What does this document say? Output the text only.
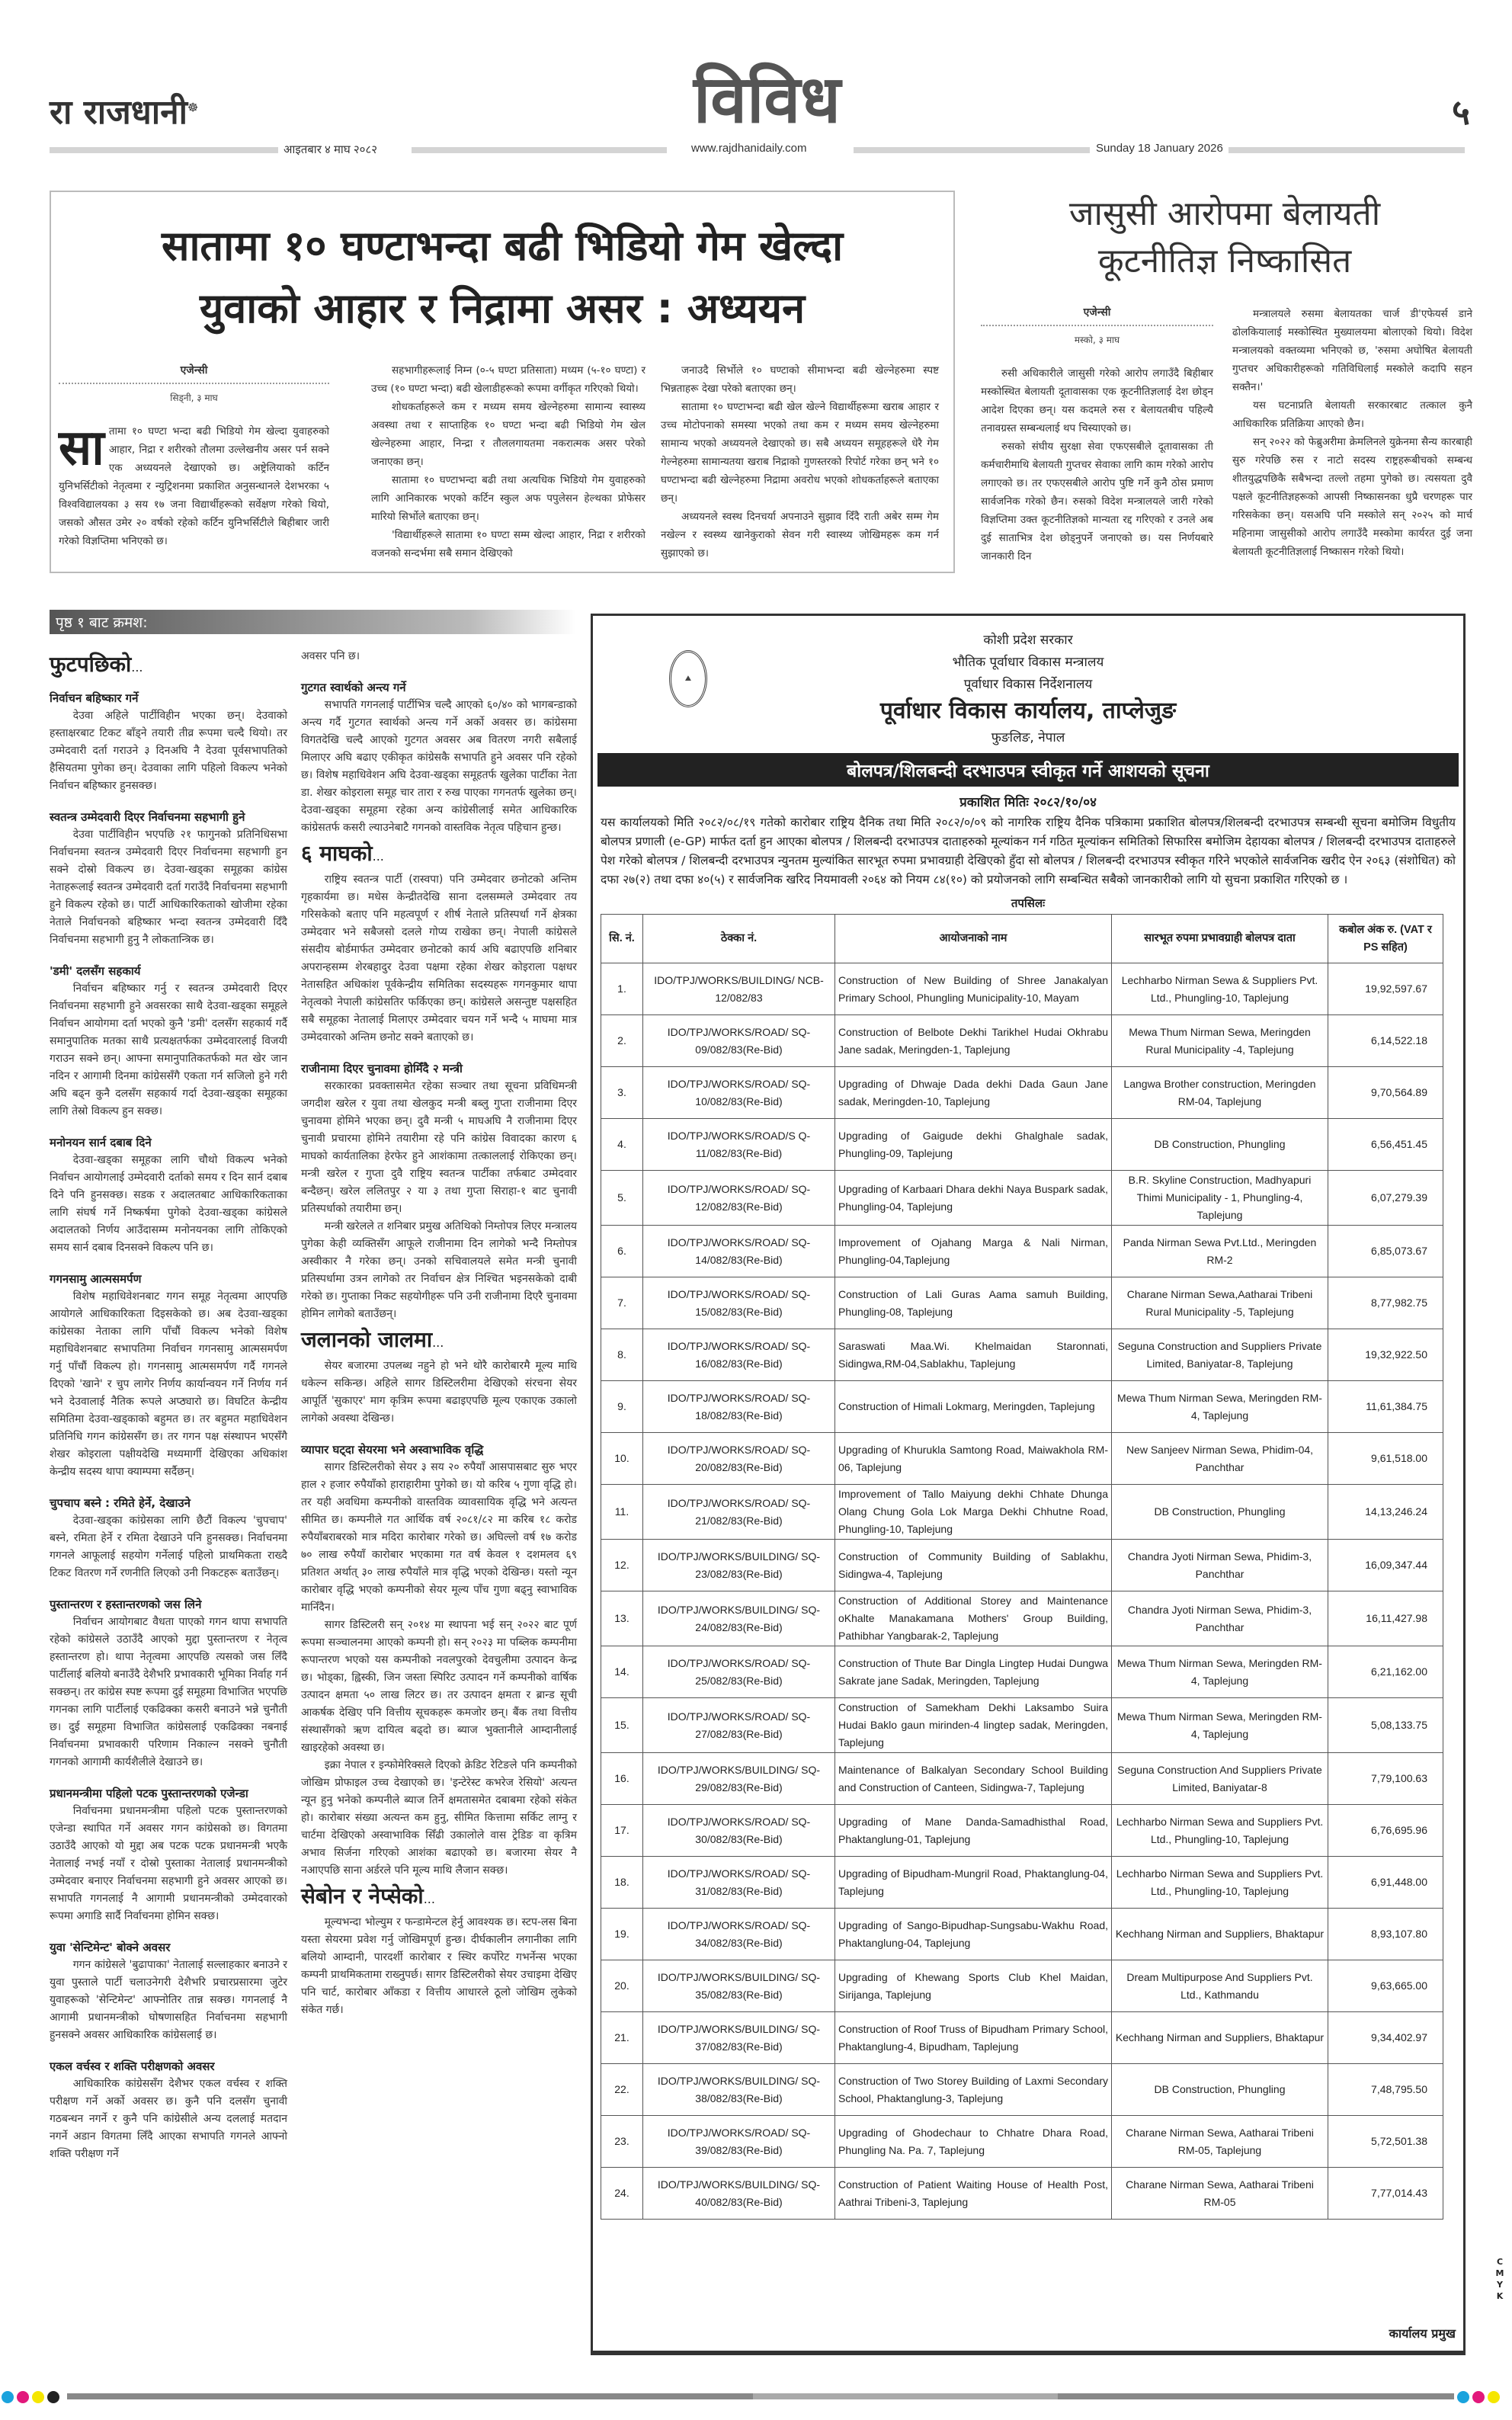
रा राजधानी☸	विविध	५
आइतबार ४ माघ २०८२	www.rajdhanidaily.com	Sunday 18 January 2026
सातामा १० घण्टाभन्दा बढी भिडियो गेम खेल्दा
युवाको आहार र निद्रामा असर : अध्ययन
एजेन्सी
सिड्नी, ३ माघ
सातामा १० घण्टा भन्दा बढी भिडियो गेम खेल्दा युवाहरुको आहार, निद्रा र शरीरको तौलमा उल्लेखनीय असर पर्न सक्ने एक अध्ययनले देखाएको छ। अष्ट्रेलियाको कर्टिन युनिभर्सिटीको नेतृत्वमा र न्युट्रिशनमा प्रकाशित अनुसन्धानले देशभरका ५ विश्वविद्यालयका ३ सय १७ जना विद्यार्थीहरूको सर्वेक्षण गरेको थियो, जसको औसत उमेर २० वर्षको रहेको कर्टिन युनिभर्सिटीले बिहीबार जारी गरेको विज्ञप्तिमा भनिएको छ।

सहभागीहरूलाई निम्न (०-५ घण्टा प्रतिसाता) मध्यम (५-१० घण्टा) र उच्च (१० घण्टा भन्दा) बढी खेलाडीहरूको रूपमा वर्गीकृत गरिएको थियो।

शोधकर्ताहरूले कम र मध्यम समय खेल्नेहरुमा सामान्य स्वास्थ्य अवस्था तथा र साप्ताहिक १० घण्टा भन्दा बढी भिडियो गेम खेल खेल्नेहरुमा आहार, निन्द्रा र तौललगायतमा नकरात्मक असर परेको जनाएका छन्।

सातामा १० घण्टाभन्दा बढी तथा अत्यधिक भिडियो गेम युवाहरुको लागि आनिकारक भएको कर्टिन स्कुल अफ पपुलेसन हेल्थका प्रोफेसर मारियो सिर्भोले बताएका छन्।

'विद्यार्थीहरूले सातामा १० घण्टा सम्म खेल्दा आहार, निद्रा र शरीरको वजनको सन्दर्भमा सबै समान देखिएको

जनाउदै सिर्भोले १० घण्टाको सीमाभन्दा बढी खेल्नेहरुमा स्पष्ट भिन्नताहरू देखा परेको बताएका छन्।

सातामा १० घण्टाभन्दा बढी खेल खेल्ने विद्यार्थीहरूमा खराब आहार र उच्च मोटोपनाको समस्या भएको तथा कम र मध्यम समय खेल्नेहरुमा सामान्य भएको अध्ययनले देखाएको छ। सबै अध्ययन समूहहरूले धेरै गेम गेल्नेहरुमा सामान्यतया खराब निद्राको गुणस्तरको रिपोर्ट गरेका छन् भने १० घण्टाभन्दा बढी खेल्नेहरुमा निद्रामा अवरोध भएको शोधकर्ताहरूले बताएका छन्।

अध्ययनले स्वस्थ दिनचर्या अपनाउने सुझाव दिँदै राती अबेर सम्म गेम नखेल्न र स्वस्थ्य खानेकुराको सेवन गरी स्वास्थ्य जोखिमहरू कम गर्न सुझाएको छ।

जासुसी आरोपमा बेलायती
कूटनीतिज्ञ निष्कासित
एजेन्सी
मस्को, ३ माघ

रुसी अधिकारीले जासुसी गरेको आरोप लगाउँदै बिहीबार मस्कोस्थित बेलायती दूतावासका एक कूटनीतिज्ञलाई देश छोड्न आदेश दिएका छन्। यस कदमले रुस र बेलायतबीच पहिल्यै तनावग्रस्त सम्बन्धलाई थप चिस्याएको छ।

रुसको संघीय सुरक्षा सेवा एफएसबीले दूतावासका ती कर्मचारीमाथि बेलायती गुप्तचर सेवाका लागि काम गरेको आरोप लगाएको छ। तर एफएसबीले आरोप पुष्टि गर्ने कुनै ठोस प्रमाण सार्वजनिक गरेको छैन। रुसको विदेश मन्त्रालयले जारी गरेको विज्ञप्तिमा उक्त कूटनीतिज्ञको मान्यता रद्द गरिएको र उनले अब दुई साताभित्र देश छोड्नुपर्ने जनाएको छ। यस निर्णयबारे जानकारी दिन

मन्त्रालयले रुसमा बेलायतका चार्ज डी'एफेयर्स डाने ढोलकियालाई मस्कोस्थित मुख्यालयमा बोलाएको थियो। विदेश मन्त्रालयको वक्तव्यमा भनिएको छ, 'रुसमा अघोषित बेलायती गुप्तचर अधिकारीहरूको गतिविधिलाई मस्कोले कदापि सहन सक्तैन।'

यस घटनाप्रति बेलायती सरकारबाट तत्काल कुनै आधिकारिक प्रतिक्रिया आएको छैन।

सन् २०२२ को फेब्रुअरीमा क्रेमलिनले युक्रेनमा सैन्य कारबाही सुरु गरेपछि रुस र नाटो सदस्य राष्ट्रहरूबीचको सम्बन्ध शीतयुद्धपछिकै सबैभन्दा तल्लो तहमा पुगेको छ। त्यसयता दुवै पक्षले कूटनीतिज्ञहरूको आपसी निष्कासनका धुप्रै चरणहरू पार गरिसकेका छन्। यसअघि पनि मस्कोले सन् २०२५ को मार्च महिनामा जासुसीको आरोप लगाउँदै मस्कोमा कार्यरत दुई जना बेलायती कूटनीतिज्ञलाई निष्कासन गरेको थियो।

पृष्ठ १ बाट क्रमश:
फुटपछिको...
निर्वाचन बहिष्कार गर्ने

देउवा अहिले पार्टीविहीन भएका छन्। देउवाको हस्ताक्षरबाट टिकट बाँड्ने तयारी तीव्र रूपमा चल्दै थियो। तर उम्मेदवारी दर्ता गराउने ३ दिनअघि नै देउवा पूर्वसभापतिको हैसियतमा पुगेका छन्। देउवाका लागि पहिलो विकल्प भनेको निर्वाचन बहिष्कार हुनसक्छ।

स्वतन्त्र उम्मेदवारी दिएर निर्वाचनमा सहभागी हुने

देउवा पार्टीविहीन भएपछि २१ फागुनको प्रतिनिधिसभा निर्वाचनमा स्वतन्त्र उम्मेदवारी दिएर निर्वाचनमा सहभागी हुन सक्ने दोस्रो विकल्प छ। देउवा-खड्का समूहका कांग्रेस नेताहरूलाई स्वतन्त्र उम्मेदवारी दर्ता गराउँदै निर्वाचनमा सहभागी हुने विकल्प रहेको छ। पार्टी आधिकारिकताको खोजीमा रहेका नेताले निर्वाचनको बहिष्कार भन्दा स्वतन्त्र उम्मेदवारी दिँदै निर्वाचनमा सहभागी हुनु नै लोकतान्त्रिक छ।

'डमी' दलसँग सहकार्य

निर्वाचन बहिष्कार गर्नु र स्वतन्त्र उम्मेदवारी दिएर निर्वाचनमा सहभागी हुने अवसरका साथै देउवा-खड्का समूहले निर्वाचन आयोगमा दर्ता भएको कुनै 'डमी' दलसँग सहकार्य गर्दै समानुपातिक मतका साथै प्रत्यक्षतर्फका उम्मेदवारलाई विजयी गराउन सक्ने छन्। आफ्ना समानुपातिकतर्फको मत खेर जान नदिन र आगामी दिनमा कांग्रेससँगै एकता गर्न सजिलो हुने गरी अघि बढ्न कुनै दलसँग सहकार्य गर्दा देउवा-खड्का समूहका लागि तेस्रो विकल्प हुन सक्छ।

मनोनयन सार्न दबाब दिने

देउवा-खड्का समूहका लागि चौथो विकल्प भनेको निर्वाचन आयोगलाई उम्मेदवारी दर्ताको समय र दिन सार्न दबाब दिने पनि हुनसक्छ। सडक र अदालतबाट आधिकारिकताका लागि संघर्ष गर्ने निष्कर्षमा पुगेको देउवा-खड्का कांग्रेसले अदालतको निर्णय आउँदासम्म मनोनयनका लागि तोकिएको समय सार्न दबाब दिनसक्ने विकल्प पनि छ।

गगनसामु आत्मसमर्पण

विशेष महाधिवेशनबाट गगन समूह नेतृत्वमा आएपछि आयोगले आधिकारिकता दिइसकेको छ। अब देउवा-खड्का कांग्रेसका नेताका लागि पाँचौं विकल्प भनेको विशेष महाधिवेशनबाट सभापतिमा निर्वाचन गगनसामु आत्मसमर्पण गर्नु पाँचौं विकल्प हो। गगनसामु आत्मसमर्पण गर्दै गगनले दिएको 'खाने' र चुप लागेर निर्णय कार्यान्वयन गर्ने निर्णय गर्न भने देउवालाई नैतिक रूपले अप्ठ्यारो छ। विघटित केन्द्रीय समितिमा देउवा-खड्काको बहुमत छ। तर बहुमत महाधिवेशन प्रतिनिधि गगन कांग्रेससँग छ। तर गगन पक्ष संस्थापन भएसँगै शेखर कोइराला पक्षीयदेखि मध्यमार्गी देखिएका अधिकांश केन्द्रीय सदस्य थापा क्याम्पमा सर्दैछन्।

चुपचाप बस्ने : रमिते हेर्ने, देखाउने

देउवा-खड्का कांग्रेसका लागि छैटौं विकल्प 'चुपचाप' बस्ने, रमिता हेर्ने र रमिता देखाउने पनि हुनसक्छ। निर्वाचनमा गगनले आफूलाई सहयोग गर्नेलाई पहिलो प्राथमिकता राख्दै टिकट वितरण गर्ने रणनीति लिएको उनी निकटहरू बताउँछन्।

पुस्तान्तरण र हस्तान्तरणको जस लिने

निर्वाचन आयोगबाट वैधता पाएको गगन थापा सभापति रहेको कांग्रेसले उठाउँदै आएको मुद्दा पुस्तान्तरण र नेतृत्व हस्तान्तरण हो। थापा नेतृत्वमा आएपछि त्यसको जस लिँदै पार्टीलाई बलियो बनाउँदै देशैभरि प्रभावकारी भूमिका निर्वाह गर्न सक्छन्। तर कांग्रेस स्पष्ट रूपमा दुई समूहमा विभाजित भएपछि गगनका लागि पार्टीलाई एकढिक्का कसरी बनाउने भन्ने चुनौती छ। दुई समूहमा विभाजित कांग्रेसलाई एकढिक्का नबनाई निर्वाचनमा प्रभावकारी परिणाम निकाल्न नसक्ने चुनौती गगनको आगामी कार्यशैलीले देखाउने छ।

प्रधानमन्त्रीमा पहिलो पटक पुस्तान्तरणको एजेन्डा

निर्वाचनमा प्रधानमन्त्रीमा पहिलो पटक पुस्तान्तरणको एजेन्डा स्थापित गर्ने अवसर गगन कांग्रेसको छ। विगतमा उठाउँदै आएको यो मुद्दा अब पटक पटक प्रधानमन्त्री भएकै नेतालाई नभई नयाँ र दोस्रो पुस्ताका नेतालाई प्रधानमन्त्रीको उम्मेदवार बनाएर निर्वाचनमा सहभागी हुने अवसर आएको छ। सभापति गगनलाई नै आगामी प्रधानमन्त्रीको उम्मेदवारको रूपमा अगाडि सार्दै निर्वाचनमा होमिन सक्छ।

युवा 'सेन्टिमेन्ट' बोक्ने अवसर

गगन कांग्रेसले 'बुढापाका' नेतालाई सल्लाहकार बनाउने र युवा पुस्ताले पार्टी चलाउनेगरी देशैभरि प्रचारप्रसारमा जुटेर युवाहरूको 'सेन्टिमेन्ट' आफ्नोतिर तान्न सक्छ। गगनलाई नै आगामी प्रधानमन्त्रीको घोषणासहित निर्वाचनमा सहभागी हुनसक्ने अवसर आधिकारिक कांग्रेसलाई छ।

एकल वर्चस्व र शक्ति परीक्षणको अवसर

आधिकारिक कांग्रेससँग देशैभर एकल वर्चस्व र शक्ति परीक्षण गर्ने अर्को अवसर छ। कुनै पनि दलसँग चुनावी गठबन्धन नगर्ने र कुनै पनि कांग्रेसीले अन्य दललाई मतदान नगर्ने अडान विगतमा लिँदै आएका सभापति गगनले आफ्नो शक्ति परीक्षण गर्ने

अवसर पनि छ।

गुटगत स्वार्थको अन्त्य गर्ने

सभापति गगनलाई पार्टीभित्र चल्दै आएको ६०/४० को भागबन्डाको अन्त्य गर्दै गुटगत स्वार्थको अन्त्य गर्ने अर्को अवसर छ। कांग्रेसमा विगतदेखि चल्दै आएको गुटगत अवसर अब वितरण नगरी सबैलाई मिलाएर अघि बढाए एकीकृत कांग्रेसकै सभापति हुने अवसर पनि रहेको छ। विशेष महाधिवेशन अघि देउवा-खड्का समूहतर्फ खुलेका पार्टीका नेता डा. शेखर कोइराला समूह चार तारा र रुख पाएका गगनतर्फ खुलेका छन्। देउवा-खड्का समूहमा रहेका अन्य कांग्रेसीलाई समेत आधिकारिक कांग्रेसतर्फ कसरी ल्याउनेबाटै गगनको वास्तविक नेतृत्व पहिचान हुन्छ।

६ माघको...

राष्ट्रिय स्वतन्त्र पार्टी (रास्वपा) पनि उम्मेदवार छनोटको अन्तिम गृहकार्यमा छ। मधेस केन्द्रीतदेखि साना दलसम्मले उम्मेदवार तय गरिसकेको बताए पनि महत्वपूर्ण र शीर्ष नेताले प्रतिस्पर्धा गर्ने क्षेत्रका उम्मेदवार भने सबैजसो दलले गोप्य राखेका छन्। नेपाली कांग्रेसले संसदीय बोर्डमार्फत उम्मेदवार छनोटको कार्य अघि बढाएपछि शनिबार अपरान्हसम्म शेरबहादुर देउवा पक्षमा रहेका शेखर कोइराला पक्षधर नेतासहित अधिकांश पूर्वकेन्द्रीय समितिका सदस्यहरू गगनकुमार थापा नेतृत्वको नेपाली कांग्रेसतिर फर्किएका छन्। कांग्रेसले असन्तुष्ट पक्षसहित सबै समूहका नेतालाई मिलाएर उम्मेदवार चयन गर्ने भन्दै ५ माघमा मात्र उम्मेदवारको अन्तिम छनोट सक्ने बताएको छ।

राजीनामा दिएर चुनावमा होमिँदै २ मन्त्री

सरकारका प्रवक्तासमेत रहेका सञ्चार तथा सूचना प्रविधिमन्त्री जगदीश खरेल र युवा तथा खेलकुद मन्त्री बब्लु गुप्ता राजीनामा दिएर चुनावमा होमिने भएका छन्। दुवै मन्त्री ५ माघअघि नै राजीनामा दिएर चुनावी प्रचारमा होमिने तयारीमा रहे पनि कांग्रेस विवादका कारण ६ माघको कार्यतालिका हेरफेर हुने आशंकामा तत्काललाई रोकिएका छन्। मन्त्री खरेल र गुप्ता दुवै राष्ट्रिय स्वतन्त्र पार्टीका तर्फबाट उम्मेदवार बन्दैछन्। खरेल ललितपुर २ या ३ तथा गुप्ता सिराहा-१ बाट चुनावी प्रतिस्पर्धाको तयारीमा छन्।

मन्त्री खरेलले त शनिबार प्रमुख अतिथिको निम्तोपत्र लिएर मन्त्रालय पुगेका केही व्यक्तिसँग आफूले राजीनामा दिन लागेको भन्दै निम्तोपत्र अस्वीकार नै गरेका छन्। उनको सचिवालयले समेत मन्त्री चुनावी प्रतिस्पर्धामा उत्रन लागेको तर निर्वाचन क्षेत्र निश्चित भइनसकेको दाबी गरेको छ। गुप्ताका निकट सहयोगीहरू पनि उनी राजीनामा दिएरै चुनावमा होमिन लागेको बताउँछन्।

जलानको जालमा...

सेयर बजारमा उपलब्ध नहुने हो भने थोरै कारोबारमै मूल्य माथि धकेल्न सकिन्छ। अहिले सागर डिस्टिलरीमा देखिएको संरचना सेयर आपूर्ति 'सुकाएर' माग कृत्रिम रूपमा बढाइएपछि मूल्य एकाएक उकालो लागेको अवस्था देखिन्छ।

व्यापार घट्दा सेयरमा भने अस्वाभाविक वृद्धि

सागर डिस्टिलरीको सेयर ३ सय २० रुपैयाँ आसपासबाट सुरु भएर हाल २ हजार रुपैयाँको हाराहारीमा पुगेको छ। यो करिब ५ गुणा वृद्धि हो। तर यही अवधिमा कम्पनीको वास्तविक व्यावसायिक वृद्धि भने अत्यन्त सीमित छ। कम्पनीले गत आर्थिक वर्ष २०८१/८२ मा करिब १८ करोड रुपैयाँबराबरको मात्र मदिरा कारोबार गरेको छ। अघिल्लो वर्ष १७ करोड ७० लाख रुपैयाँ कारोबार भएकामा गत वर्ष केवल १ दशमलव ६९ प्रतिशत अर्थात् ३० लाख रुपैयाँले मात्र वृद्धि भएको देखिन्छ। यस्तो न्यून कारोबार वृद्धि भएको कम्पनीको सेयर मूल्य पाँच गुणा बढ्नु स्वाभाविक मानिँदैन।

सागर डिस्टिलरी सन् २०१४ मा स्थापना भई सन् २०२२ बाट पूर्ण रूपमा सञ्चालनमा आएको कम्पनी हो। सन् २०२३ मा पब्लिक कम्पनीमा रूपान्तरण भएको यस कम्पनीको नवलपुरको देवचुलीमा उत्पादन केन्द्र छ। भोड्का, ह्विस्की, जिन जस्ता स्पिरिट उत्पादन गर्ने कम्पनीको वार्षिक उत्पादन क्षमता ५० लाख लिटर छ। तर उत्पादन क्षमता र ब्रान्ड सूची आकर्षक देखिए पनि वित्तीय सूचकहरू कमजोर छन्। बैंक तथा वित्तीय संस्थासँगको ऋण दायित्व बढ्दो छ। ब्याज भुक्तानीले आम्दानीलाई खाइरहेको अवस्था छ।

इक्रा नेपाल र इन्फोमेरिक्सले दिएको क्रेडिट रेटिङले पनि कम्पनीको जोखिम प्रोफाइल उच्च देखाएको छ। 'इन्टेरेस्ट कभरेज रेसियो' अत्यन्त न्यून हुनु भनेको कम्पनीले ब्याज तिर्ने क्षमतासमेत दबाबमा रहेको संकेत हो। कारोबार संख्या अत्यन्त कम हुनु, सीमित कित्तामा सर्किट लाग्नु र चार्टमा देखिएको अस्वाभाविक सिँढी उकालोले वास ट्रेडिङ वा कृत्रिम अभाव सिर्जना गरिएको आशंका बढाएको छ। बजारमा सेयर नै नआएपछि साना अर्डरले पनि मूल्य माथि लैजान सक्छ।

सेबोन र नेप्सेको...

मूल्यभन्दा भोल्युम र फन्डामेन्टल हेर्नु आवश्यक छ। स्टप-लस बिना यस्ता सेयरमा प्रवेश गर्नु जोखिमपूर्ण हुन्छ। दीर्घकालीन लगानीका लागि बलियो आम्दानी, पारदर्शी कारोबार र स्थिर कर्पोरेट गभर्नेन्स भएका कम्पनी प्राथमिकतामा राख्नुपर्छ। सागर डिस्टिलरीको सेयर उचाइमा देखिए पनि चार्ट, कारोबार आँकडा र वित्तीय आधारले ठूलो जोखिम लुकेको संकेत गर्छ।

⛰
कोशी प्रदेश सरकार
भौतिक पूर्वाधार विकास मन्त्रालय
पूर्वाधार विकास निर्देशनालय
पूर्वाधार विकास कार्यालय, ताप्लेजुङ
फुङलिङ, नेपाल
बोलपत्र/शिलबन्दी दरभाउपत्र स्वीकृत गर्ने आशयको सूचना
प्रकाशित मितिः २०८२/१०/०४
यस कार्यालयको मिति २०८२/०८/१९ गतेको कारोबार राष्ट्रिय दैनिक तथा मिति २०८२/०/०९ को नागरिक राष्ट्रिय दैनिक पत्रिकामा प्रकाशित बोलपत्र/शिलबन्दी दरभाउपत्र सम्बन्धी सूचना बमोजिम विधुतीय बोलपत्र प्रणाली (e-GP) मार्फत दर्ता हुन आएका बोलपत्र / शिलबन्दी दरभाउपत्र दाताहरुको मूल्यांकन गर्न गठित मूल्यांकन समितिको सिफारिस बमोजिम देहायका बोलपत्र / शिलबन्दी दरभाउपत्र दाताहरुले पेश गरेको बोलपत्र / शिलबन्दी दरभाउपत्र न्युनतम मुल्यांकित सारभूत रुपमा प्रभावग्राही देखिएको हुँदा सो बोलपत्र / शिलबन्दी दरभाउपत्र स्वीकृत गरिने भएकोले सार्वजनिक खरीद ऐन २०६३ (संशोधित) को दफा २७(२) तथा दफा ४०(५) र सार्वजनिक खरिद नियमावली २०६४ को नियम ८४(१०) को प्रयोजनको लागि सम्बन्धित सबैको जानकारीको लागि यो सुचना प्रकाशित गरिएको छ ।
तपसिलः
सि. नं.	ठेक्का नं.	आयोजनाको नाम	सारभूत रुपमा प्रभावग्राही बोलपत्र दाता	कबोल अंक रु. (VAT र PS सहित)
1.	IDO/TPJ/WORKS/BUILDING/ NCB-12/082/83	Construction of New Building of Shree Janakalyan Primary School, Phungling Municipality-10, Mayam	Lechharbo Nirman Sewa & Suppliers Pvt. Ltd., Phungling-10, Taplejung	19,92,597.67
2.	IDO/TPJ/WORKS/ROAD/ SQ-09/082/83(Re-Bid)	Construction of Belbote Dekhi Tarikhel Hudai Okhrabu Jane sadak, Meringden-1, Taplejung	Mewa Thum Nirman Sewa, Meringden Rural Municipality -4, Taplejung	6,14,522.18
3.	IDO/TPJ/WORKS/ROAD/ SQ-10/082/83(Re-Bid)	Upgrading of Dhwaje Dada dekhi Dada Gaun Jane sadak, Meringden-10, Taplejung	Langwa Brother construction, Meringden RM-04, Taplejung	9,70,564.89
4.	IDO/TPJ/WORKS/ROAD/S Q-11/082/83(Re-Bid)	Upgrading of Gaigude dekhi Ghalghale sadak, Phungling-09, Taplejung	DB Construction, Phungling	6,56,451.45
5.	IDO/TPJ/WORKS/ROAD/ SQ-12/082/83(Re-Bid)	Upgrading of Karbaari Dhara dekhi Naya Buspark sadak, Phungling-04, Taplejung	B.R. Skyline Construction, Madhyapuri Thimi Municipality - 1, Phungling-4, Taplejung	6,07,279.39
6.	IDO/TPJ/WORKS/ROAD/ SQ-14/082/83(Re-Bid)	Improvement of Ojahang Marga & Nali Nirman, Phungling-04,Taplejung	Panda Nirman Sewa Pvt.Ltd., Meringden RM-2	6,85,073.67
7.	IDO/TPJ/WORKS/ROAD/ SQ-15/082/83(Re-Bid)	Construction of Lali Guras Aama samuh Building, Phungling-08, Taplejung	Charane Nirman Sewa,Aatharai Tribeni Rural Municipality -5, Taplejung	8,77,982.75
8.	IDO/TPJ/WORKS/ROAD/ SQ-16/082/83(Re-Bid)	Saraswati Maa.Wi. Khelmaidan Staronnati, Sidingwa,RM-04,Sablakhu, Taplejung	Seguna Construction and Suppliers Private Limited, Baniyatar-8, Taplejung	19,32,922.50
9.	IDO/TPJ/WORKS/ROAD/ SQ-18/082/83(Re-Bid)	Construction of Himali Lokmarg, Meringden, Taplejung	Mewa Thum Nirman Sewa, Meringden RM-4, Taplejung	11,61,384.75
10.	IDO/TPJ/WORKS/ROAD/ SQ-20/082/83(Re-Bid)	Upgrading of Khurukla Samtong Road, Maiwakhola RM-06, Taplejung	New Sanjeev Nirman Sewa, Phidim-04, Panchthar	9,61,518.00
11.	IDO/TPJ/WORKS/ROAD/ SQ-21/082/83(Re-Bid)	Improvement of Tallo Maiyung dekhi Chhate Dhunga Olang Chung Gola Lok Marga Dekhi Chhutne Road, Phungling-10, Taplejung	DB Construction, Phungling	14,13,246.24
12.	IDO/TPJ/WORKS/BUILDING/ SQ-23/082/83(Re-Bid)	Construction of Community Building of Sablakhu, Sidingwa-4, Taplejung	Chandra Jyoti Nirman Sewa, Phidim-3, Panchthar	16,09,347.44
13.	IDO/TPJ/WORKS/BUILDING/ SQ-24/082/83(Re-Bid)	Construction of Additional Storey and Maintenance oKhalte Manakamana Mothers' Group Building, Pathibhar Yangbarak-2, Taplejung	Chandra Jyoti Nirman Sewa, Phidim-3, Panchthar	16,11,427.98
14.	IDO/TPJ/WORKS/ROAD/ SQ-25/082/83(Re-Bid)	Construction of Thute Bar Dingla Lingtep Hudai Dungwa Sakrate jane Sadak, Meringden, Taplejung	Mewa Thum Nirman Sewa, Meringden RM-4, Taplejung	6,21,162.00
15.	IDO/TPJ/WORKS/ROAD/ SQ-27/082/83(Re-Bid)	Construction of Samekham Dekhi Laksambo Suira Hudai Baklo gaun mirinden-4 lingtep sadak, Meringden, Taplejung	Mewa Thum Nirman Sewa, Meringden RM-4, Taplejung	5,08,133.75
16.	IDO/TPJ/WORKS/BUILDING/ SQ-29/082/83(Re-Bid)	Maintenance of Balkalyan Secondary School Building and Construction of Canteen, Sidingwa-7, Taplejung	Seguna Construction And Suppliers Private Limited, Baniyatar-8	7,79,100.63
17.	IDO/TPJ/WORKS/ROAD/ SQ-30/082/83(Re-Bid)	Upgrading of Mane Danda-Samadhisthal Road, Phaktanglung-01, Taplejung	Lechharbo Nirman Sewa and Suppliers Pvt. Ltd., Phungling-10, Taplejung	6,76,695.96
18.	IDO/TPJ/WORKS/ROAD/ SQ-31/082/83(Re-Bid)	Upgrading of Bipudham-Mungril Road, Phaktanglung-04, Taplejung	Lechharbo Nirman Sewa and Suppliers Pvt. Ltd., Phungling-10, Taplejung	6,91,448.00
19.	IDO/TPJ/WORKS/ROAD/ SQ-34/082/83(Re-Bid)	Upgrading of Sango-Bipudhap-Sungsabu-Wakhu Road, Phaktanglung-04, Taplejung	Kechhang Nirman and Suppliers, Bhaktapur	8,93,107.80
20.	IDO/TPJ/WORKS/BUILDING/ SQ-35/082/83(Re-Bid)	Upgrading of Khewang Sports Club Khel Maidan, Sirijanga, Taplejung	Dream Multipurpose And Suppliers Pvt. Ltd., Kathmandu	9,63,665.00
21.	IDO/TPJ/WORKS/BUILDING/ SQ-37/082/83(Re-Bid)	Construction of Roof Truss of Bipudham Primary School, Phaktanglung-4, Bipudham, Taplejung	Kechhang Nirman and Suppliers, Bhaktapur	9,34,402.97
22.	IDO/TPJ/WORKS/BUILDING/ SQ-38/082/83(Re-Bid)	Construction of Two Storey Building of Laxmi Secondary School, Phaktanglung-3, Taplejung	DB Construction, Phungling	7,48,795.50
23.	IDO/TPJ/WORKS/ROAD/ SQ-39/082/83(Re-Bid)	Upgrading of Ghodechaur to Chhatre Dhara Road, Phungling Na. Pa. 7, Taplejung	Charane Nirman Sewa, Aatharai Tribeni RM-05, Taplejung	5,72,501.38
24.	IDO/TPJ/WORKS/BUILDING/ SQ-40/082/83(Re-Bid)	Construction of Patient Waiting House of Health Post, Aathrai Tribeni-3, Taplejung	Charane Nirman Sewa, Aatharai Tribeni RM-05	7,77,014.43
कार्यालय प्रमुख
C M Y K
